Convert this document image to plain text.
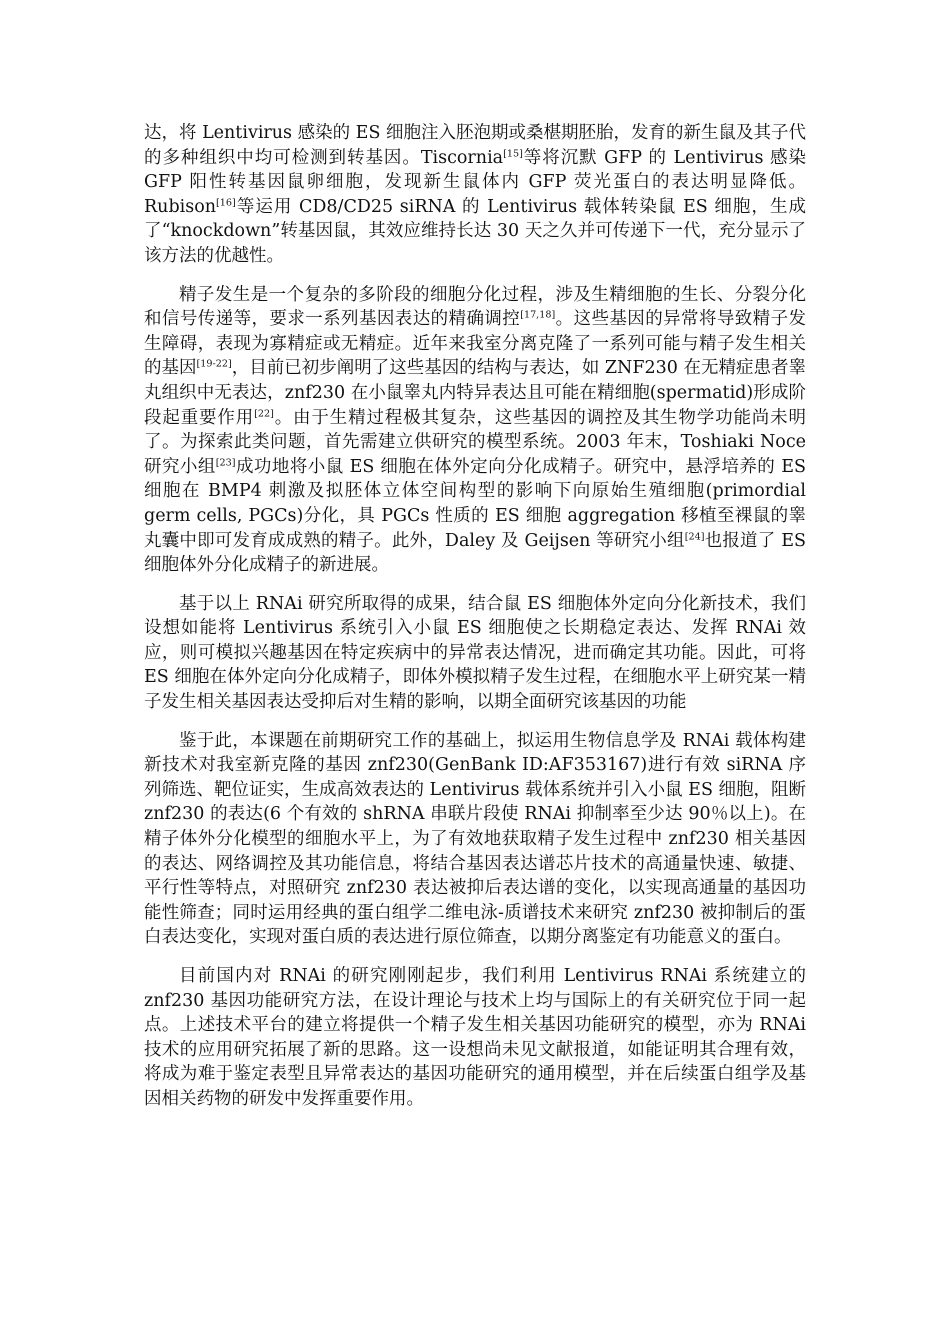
达，将 Lentivirus 感染的 ES 细胞注入胚泡期或桑椹期胚胎，发育的新生鼠及其子代的多种组织中均可检测到转基因。Tiscornia[15]等将沉默 GFP 的 Lentivirus 感染 GFP 阳性转基因鼠卵细胞，发现新生鼠体内 GFP 荧光蛋白的表达明显降低。Rubison[16]等运用 CD8/CD25 siRNA 的 Lentivirus 载体转染鼠 ES 细胞，生成了“knockdown”转基因鼠，其效应维持长达 30 天之久并可传递下一代，充分显示了该方法的优越性。

精子发生是一个复杂的多阶段的细胞分化过程，涉及生精细胞的生长、分裂分化和信号传递等，要求一系列基因表达的精确调控[17,18]。这些基因的异常将导致精子发生障碍，表现为寡精症或无精症。近年来我室分离克隆了一系列可能与精子发生相关的基因[19-22]，目前已初步阐明了这些基因的结构与表达，如 ZNF230 在无精症患者睾丸组织中无表达，znf230 在小鼠睾丸内特异表达且可能在精细胞(spermatid)形成阶段起重要作用[22]。由于生精过程极其复杂，这些基因的调控及其生物学功能尚未明了。为探索此类问题，首先需建立供研究的模型系统。2003 年末，Toshiaki Noce 研究小组[23]成功地将小鼠 ES 细胞在体外定向分化成精子。研究中，悬浮培养的 ES 细胞在 BMP4 刺激及拟胚体立体空间构型的影响下向原始生殖细胞(primordial germ cells, PGCs)分化，具 PGCs 性质的 ES 细胞 aggregation 移植至裸鼠的睾丸囊中即可发育成成熟的精子。此外，Daley 及 Geijsen 等研究小组[24]也报道了 ES 细胞体外分化成精子的新进展。

基于以上 RNAi 研究所取得的成果，结合鼠 ES 细胞体外定向分化新技术，我们设想如能将 Lentivirus 系统引入小鼠 ES 细胞使之长期稳定表达、发挥 RNAi 效应，则可模拟兴趣基因在特定疾病中的异常表达情况，进而确定其功能。因此，可将 ES 细胞在体外定向分化成精子，即体外模拟精子发生过程，在细胞水平上研究某一精子发生相关基因表达受抑后对生精的影响，以期全面研究该基因的功能

鉴于此，本课题在前期研究工作的基础上，拟运用生物信息学及 RNAi 载体构建新技术对我室新克隆的基因 znf230(GenBank ID:AF353167)进行有效 siRNA 序列筛选、靶位证实，生成高效表达的 Lentivirus 载体系统并引入小鼠 ES 细胞，阻断 znf230 的表达(6 个有效的 shRNA 串联片段使 RNAi 抑制率至少达 90％以上)。在精子体外分化模型的细胞水平上，为了有效地获取精子发生过程中 znf230 相关基因的表达、网络调控及其功能信息，将结合基因表达谱芯片技术的高通量快速、敏捷、平行性等特点，对照研究 znf230 表达被抑后表达谱的变化，以实现高通量的基因功能性筛查；同时运用经典的蛋白组学二维电泳-质谱技术来研究 znf230 被抑制后的蛋白表达变化，实现对蛋白质的表达进行原位筛查，以期分离鉴定有功能意义的蛋白。

目前国内对 RNAi 的研究刚刚起步，我们利用 Lentivirus RNAi 系统建立的 znf230 基因功能研究方法，在设计理论与技术上均与国际上的有关研究位于同一起点。上述技术平台的建立将提供一个精子发生相关基因功能研究的模型，亦为 RNAi 技术的应用研究拓展了新的思路。这一设想尚未见文献报道，如能证明其合理有效，将成为难于鉴定表型且异常表达的基因功能研究的通用模型，并在后续蛋白组学及基因相关药物的研发中发挥重要作用。
